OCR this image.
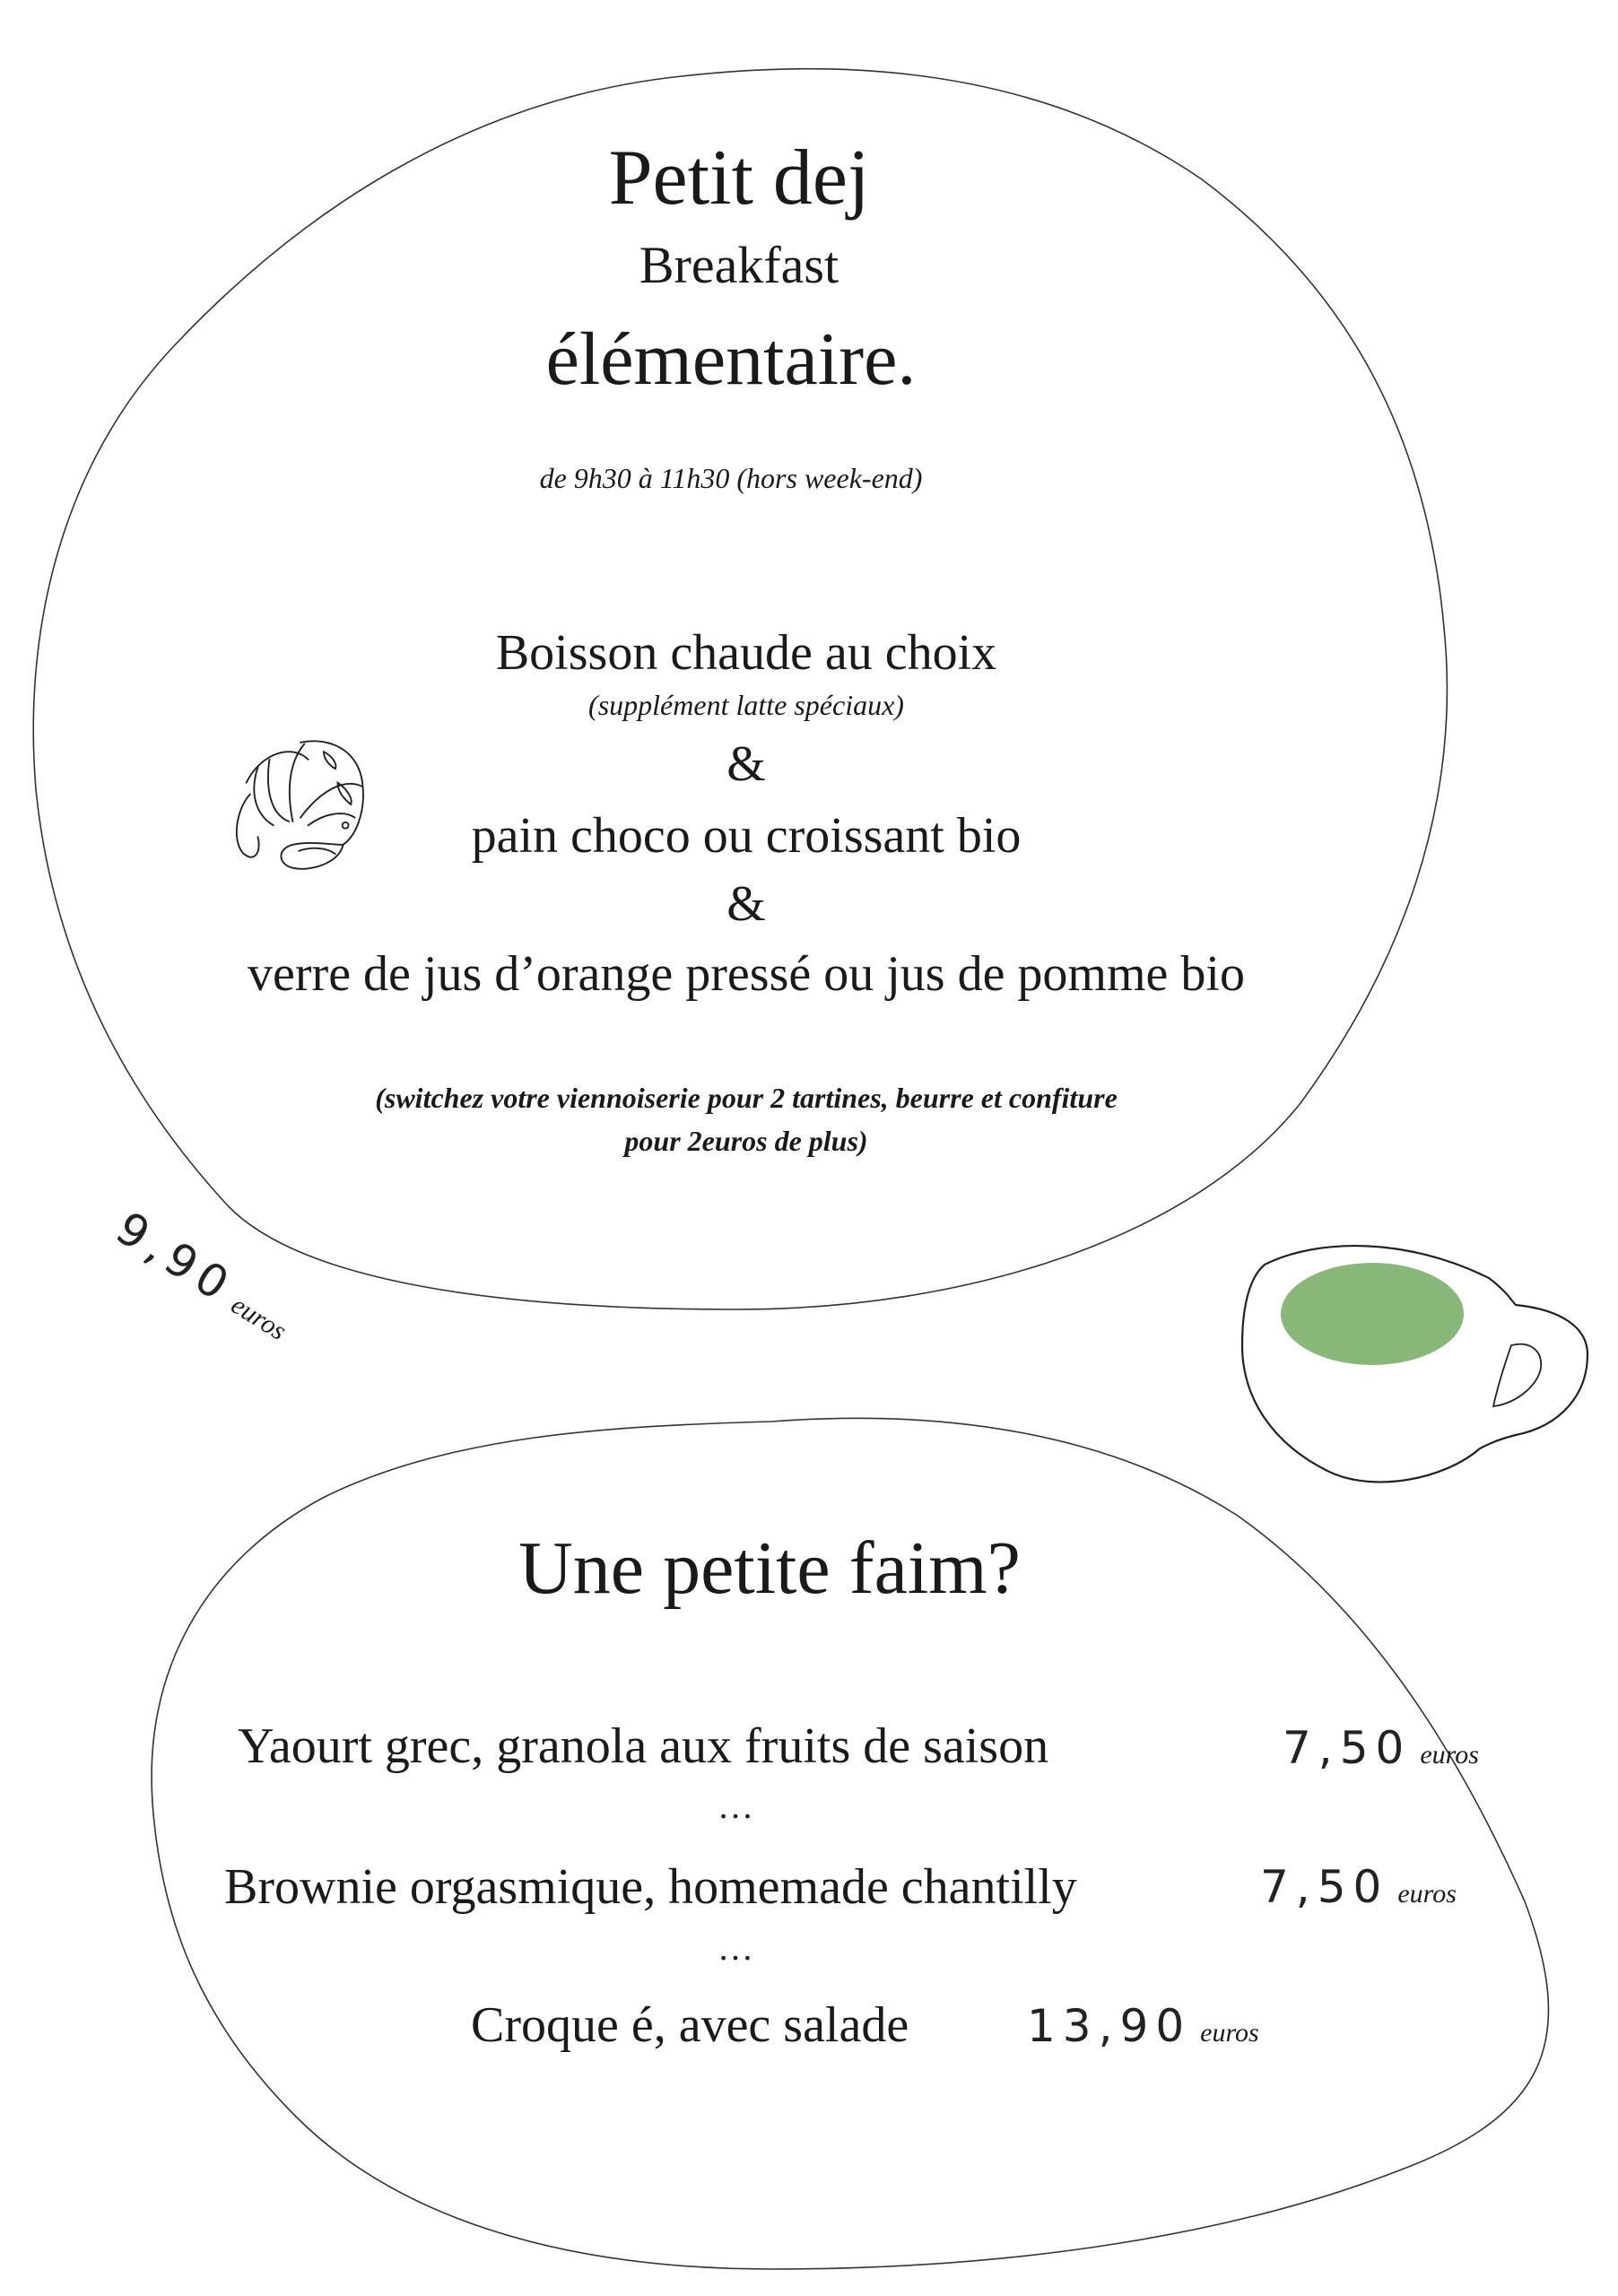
Petit dej
Breakfast
élémentaire.
de 9h30 à 11h30 (hors week-end)
Boisson chaude au choix
(supplément latte spéciaux)
&
pain choco ou croissant bio
&
verre de jus d’orange pressé ou jus de pomme bio
(switchez votre viennoiserie pour 2 tartines, beurre et confiture
pour 2euros de plus)
9,90euros
Une petite faim?
Yaourt grec, granola aux fruits de saison	7,50 euros
…
Brownie orgasmique, homemade chantilly	7,50 euros
…
Croque é, avec salade	13,90 euros
